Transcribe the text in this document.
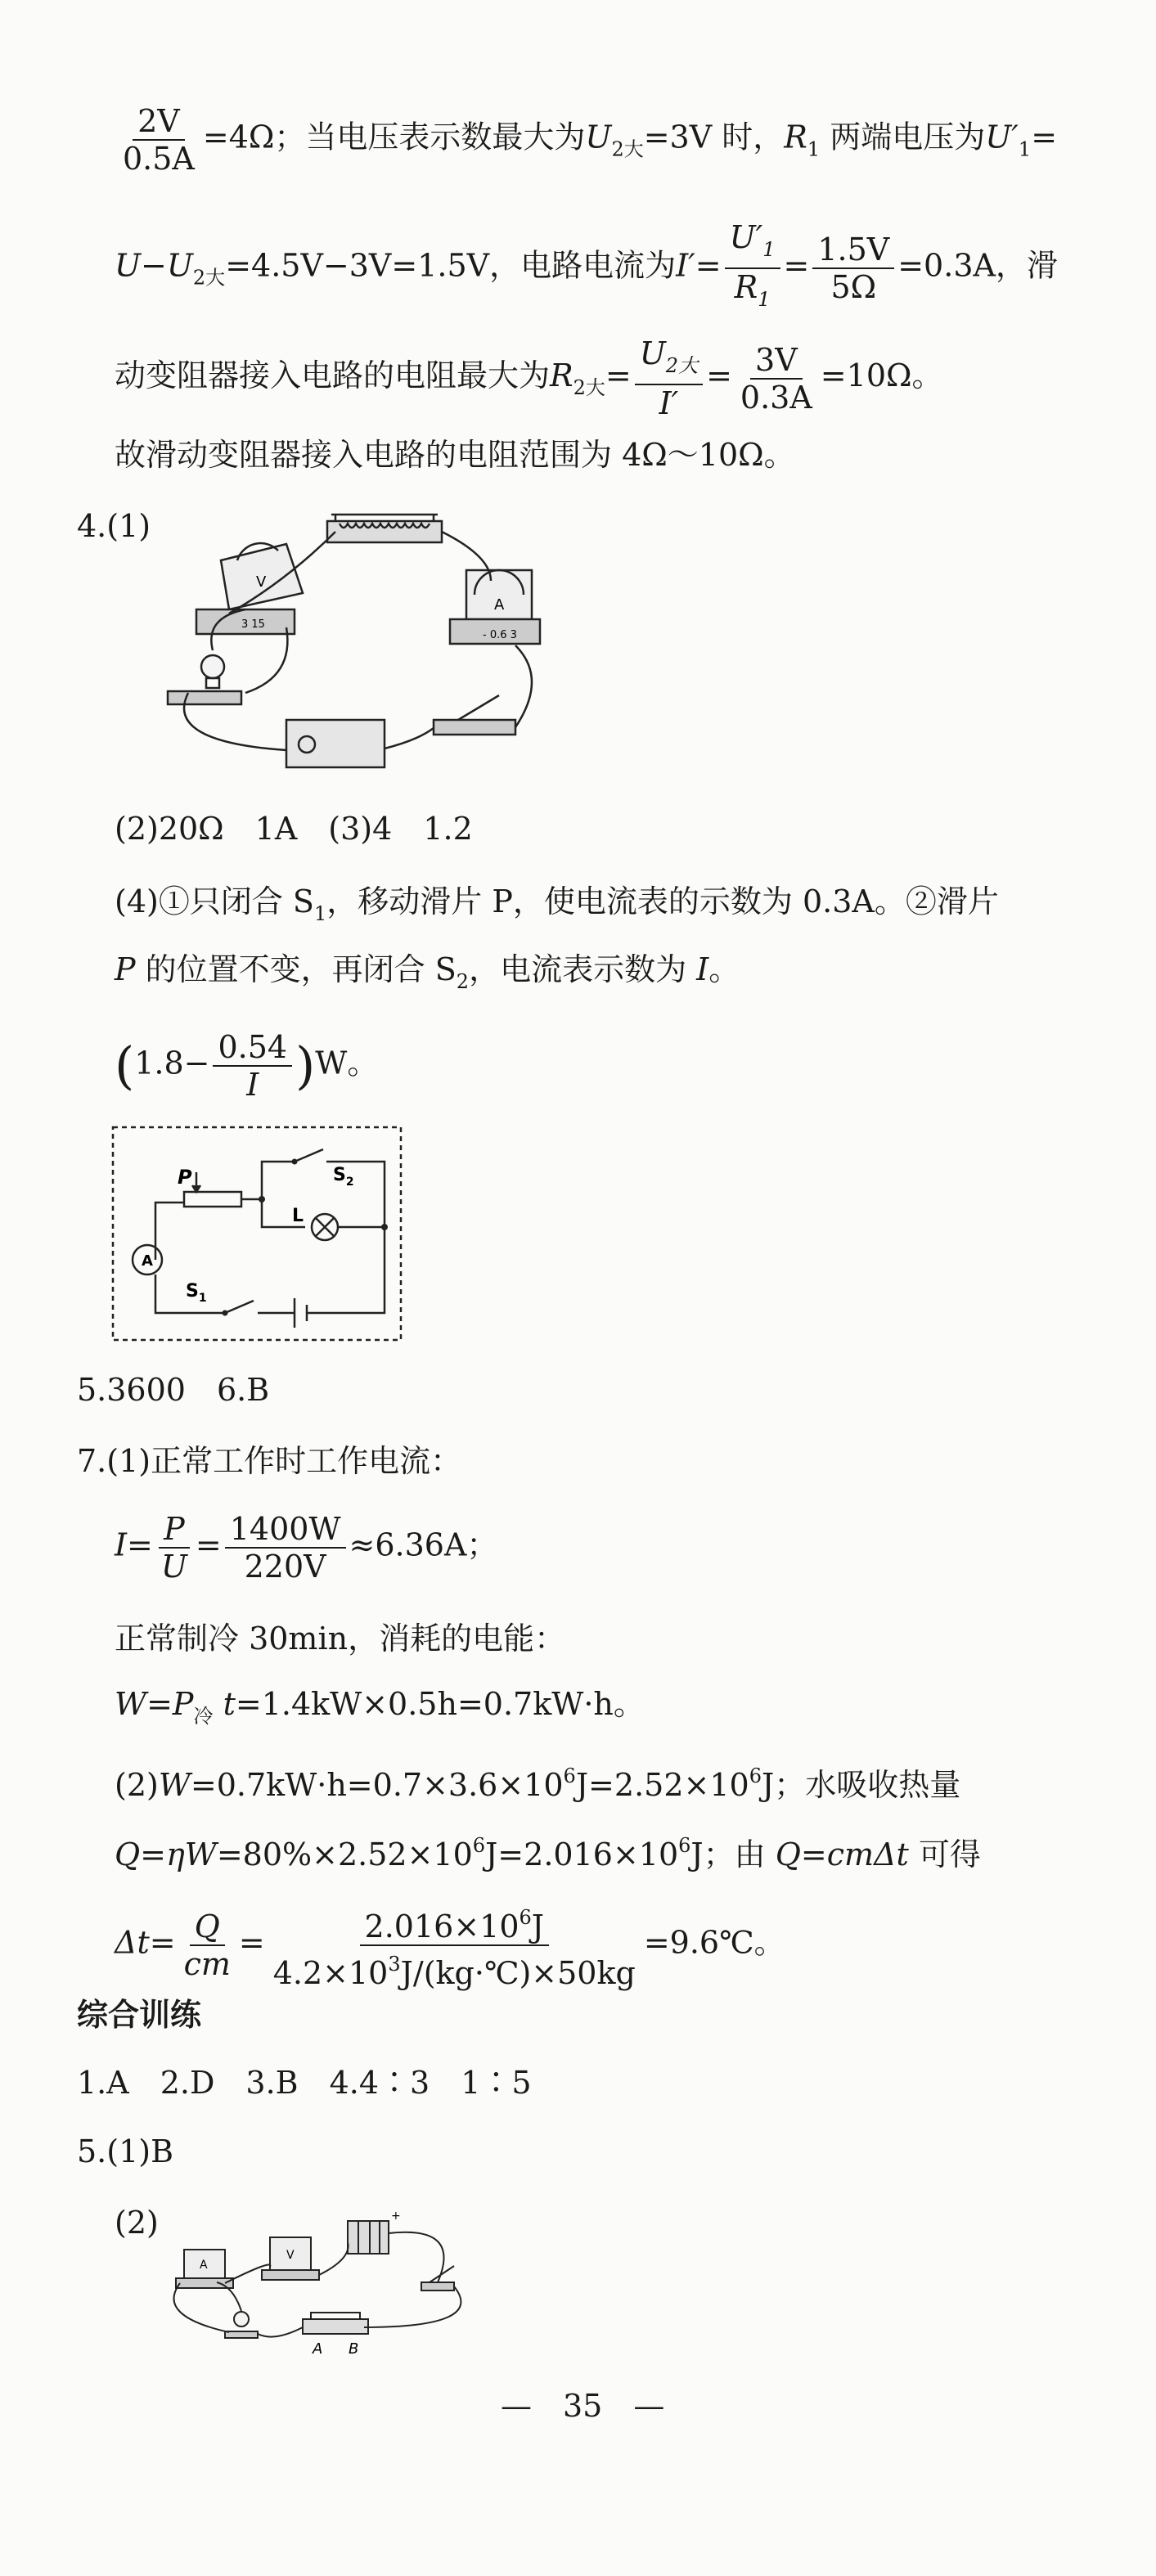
$\frac{2V}{0.5A} =4\Omega$；当电压表示数最大为$U_{2大}=3V$ 时，$R_1$ 两端电压为$U'_1=$
$U-U_{2大}=4.5V-3V=1.5V$，电路电流为$I'= \frac{U'_1}{R_1} = \frac{1.5V}{5\Omega} =0.3A$，滑
动变阻器接入电路的电阻最大为$R_{2大}= \frac{U_{2大}}{I'} = \frac{3V}{0.3A} =10\Omega$。
故滑动变阻器接入电路的电阻范围为 4Ω～10Ω。
4.(1)
V
A
3 15
- 0.6 3
(2)20Ω　1A　(3)4　1.2
(4)①只闭合 $S_1$，移动滑片 P，使电流表的示数为 0.3A。②滑片
P 的位置不变，再闭合 $S_2$，电流表示数为 I。
$(1.8- \frac{0.54}{I} )W$。
P	$S_2$
L
A
$S_1$
5.3600　6.B
7.(1)正常工作时工作电流：
$I= \frac{P}{U} = \frac{1400W}{220V} \approx 6.36A$；
正常制冷 30min，消耗的电能：
$W=P_冷$ t=1.4kW×0.5h=0.7kW·h。
$(2)W=0.7kW\cdot h=0.7\times 3.6\times 10^6J=2.52\times 10^6J$；水吸收热量
$Q=\eta W=80\%\times 2.52\times 10^6J=2.016\times 10^6J$；由 Q=cmΔt 可得
$\Delta t= \frac{Q}{cm} = \frac{2.016\times 10^6J}{4.2\times 10^3J/(kg\cdot℃)\times 50kg}$ =9.6℃。
综合训练
1.A　2.D　3.B　4.4∶3　1∶5
5.(1)B
(2)
A
V
+
A B
—　35　—
